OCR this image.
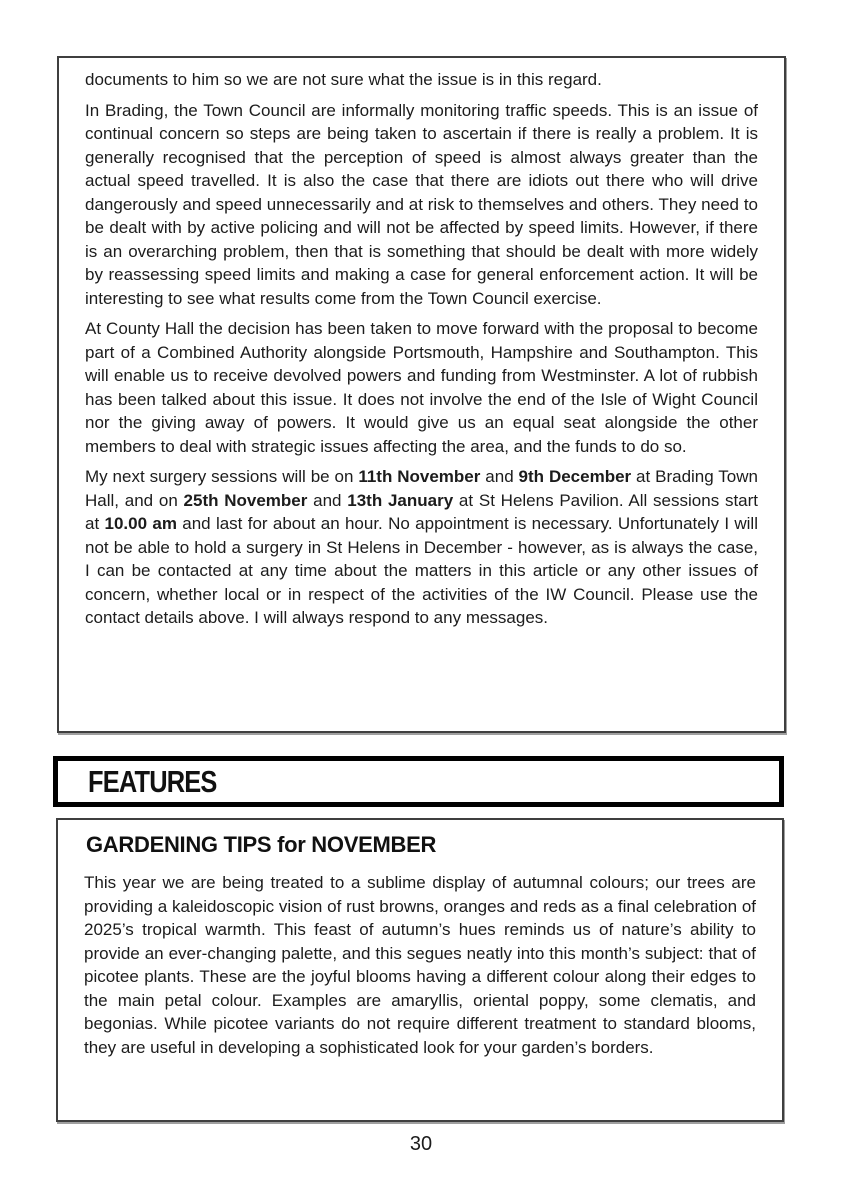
documents to him so we are not sure what the issue is in this regard.

In Brading, the Town Council are informally monitoring traffic speeds. This is an issue of continual concern so steps are being taken to ascertain if there is really a problem. It is generally recognised that the perception of speed is almost always greater than the actual speed travelled. It is also the case that there are idiots out there who will drive dangerously and speed unnecessarily and at risk to themselves and others. They need to be dealt with by active policing and will not be affected by speed limits. However, if there is an overarching problem, then that is something that should be dealt with more widely by reassessing speed limits and making a case for general enforcement action. It will be interesting to see what results come from the Town Council exercise.

At County Hall the decision has been taken to move forward with the proposal to become part of a Combined Authority alongside Portsmouth, Hampshire and Southampton. This will enable us to receive devolved powers and funding from Westminster. A lot of rubbish has been talked about this issue. It does not involve the end of the Isle of Wight Council nor the giving away of powers. It would give us an equal seat alongside the other members to deal with strategic issues affecting the area, and the funds to do so.

My next surgery sessions will be on 11th November and 9th December at Brading Town Hall, and on 25th November and 13th January at St Helens Pavilion. All sessions start at 10.00 am and last for about an hour. No appointment is necessary. Unfortunately I will not be able to hold a surgery in St Helens in December - however, as is always the case, I can be contacted at any time about the matters in this article or any other issues of concern, whether local or in respect of the activities of the IW Council. Please use the contact details above. I will always respond to any messages.

FEATURES
GARDENING TIPS for NOVEMBER

This year we are being treated to a sublime display of autumnal colours; our trees are providing a kaleidoscopic vision of rust browns, oranges and reds as a final celebration of 2025’s tropical warmth. This feast of autumn’s hues reminds us of nature’s ability to provide an ever-changing palette, and this segues neatly into this month’s subject: that of picotee plants. These are the joyful blooms having a different colour along their edges to the main petal colour. Examples are amaryllis, oriental poppy, some clematis, and begonias. While picotee variants do not require different treatment to standard blooms, they are useful in developing a sophisticated look for your garden’s borders.

30
